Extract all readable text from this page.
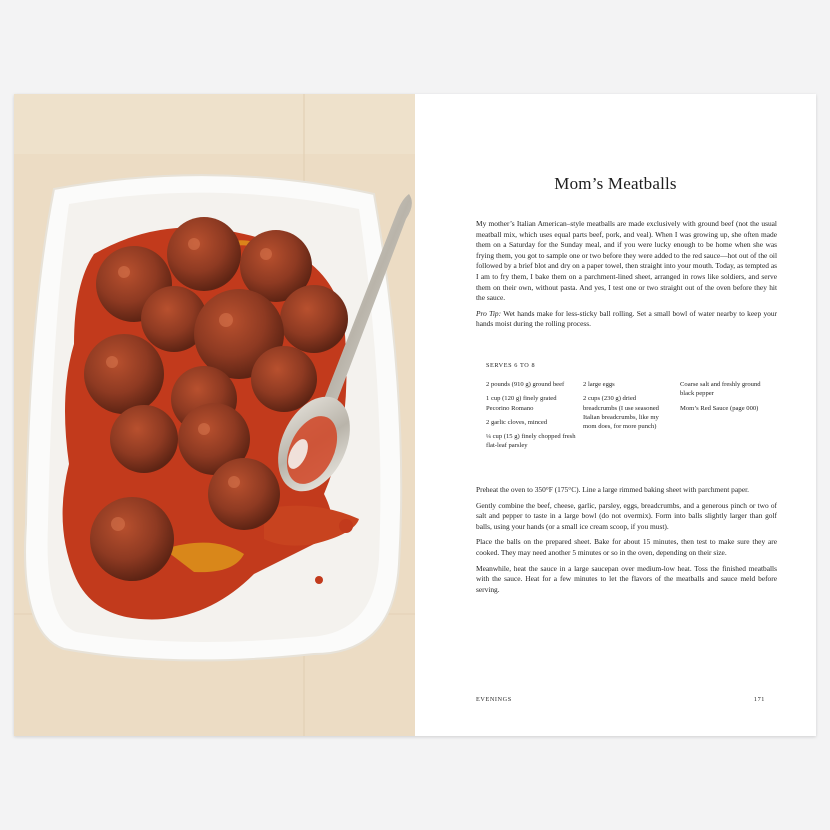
Mom’s Meatballs

My mother’s Italian American–style meatballs are made exclusively with ground beef (not the usual meatball mix, which uses equal parts beef, pork, and veal). When I was growing up, she often made them on a Saturday for the Sunday meal, and if you were lucky enough to be home when she was frying them, you got to sample one or two before they were added to the red sauce—hot out of the oil followed by a brief blot and dry on a paper towel, then straight into your mouth. Today, as tempted as I am to fry them, I bake them on a parchment-lined sheet, arranged in rows like soldiers, and serve them on their own, without pasta. And yes, I test one or two straight out of the oven before they hit the sauce.

Pro Tip: Wet hands make for less-sticky ball rolling. Set a small bowl of water nearby to keep your hands moist during the rolling process.

SERVES 6 TO 8
2 pounds (910 g) ground beef
1 cup (120 g) finely grated Pecorino Romano
2 garlic cloves, minced
¼ cup (15 g) finely chopped fresh flat-leaf parsley
2 large eggs
2 cups (230 g) dried breadcrumbs (I use seasoned Italian breadcrumbs, like my mom does, for more punch)
Coarse salt and freshly ground black pepper
Mom’s Red Sauce (page 000)

Preheat the oven to 350°F (175°C). Line a large rimmed baking sheet with parchment paper.

Gently combine the beef, cheese, garlic, parsley, eggs, breadcrumbs, and a generous pinch or two of salt and pepper to taste in a large bowl (do not overmix). Form into balls slightly larger than golf balls, using your hands (or a small ice cream scoop, if you must).

Place the balls on the prepared sheet. Bake for about 15 minutes, then test to make sure they are cooked. They may need another 5 minutes or so in the oven, depending on their size.

Meanwhile, heat the sauce in a large saucepan over medium-low heat. Toss the finished meatballs with the sauce. Heat for a few minutes to let the flavors of the meatballs and sauce meld before serving.

EVENINGS	171
